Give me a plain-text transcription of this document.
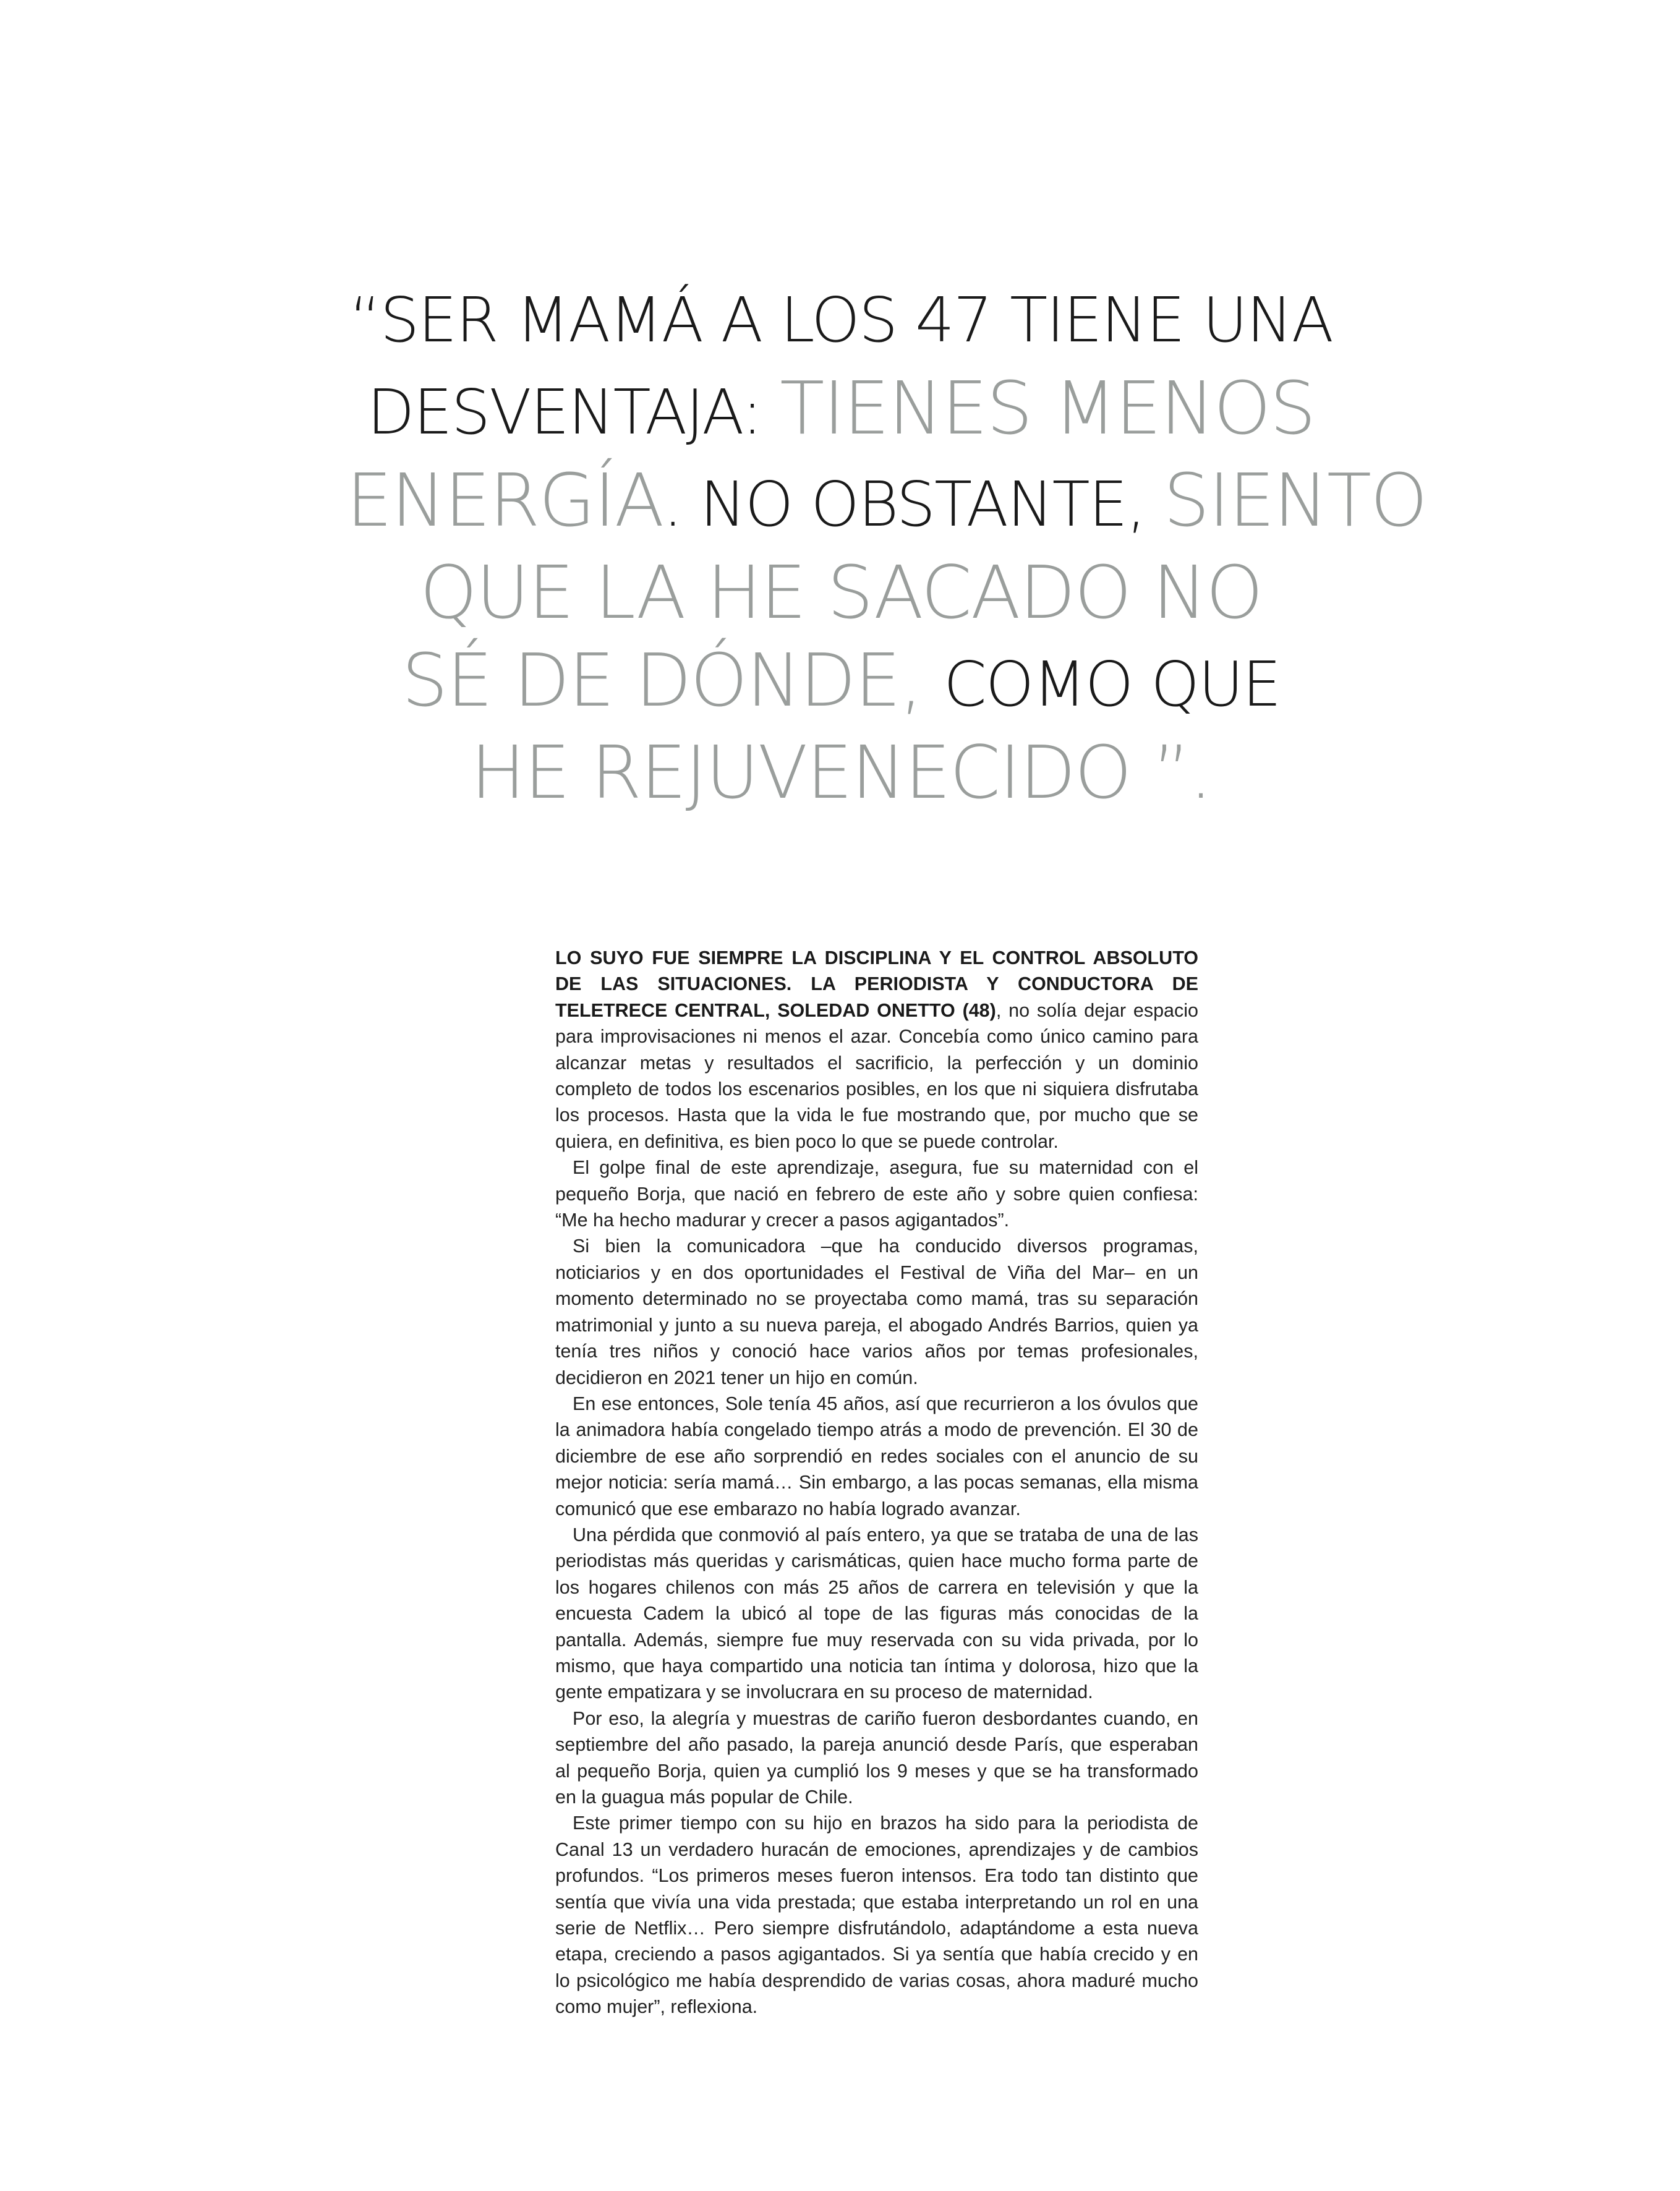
“SER MAMÁ A LOS 47 TIENE UNA
DESVENTAJA: TIENES MENOS
ENERGÍA. NO OBSTANTE, SIENTO
QUE LA HE SACADO NO
SÉ DE DÓNDE, COMO QUE
HE REJUVENECIDO ”.

LO SUYO FUE SIEMPRE LA DISCIPLINA Y EL CONTROL ABSOLUTO DE LAS SITUACIONES. LA PERIODISTA Y CONDUCTORA DE TELETRECE CENTRAL, SOLEDAD ONETTO (48), no solía dejar espacio para improvisaciones ni menos el azar. Concebía como único camino para alcanzar metas y resultados el sacrificio, la perfección y un dominio completo de todos los escenarios posibles, en los que ni siquiera disfrutaba los procesos. Hasta que la vida le fue mostrando que, por mucho que se quiera, en definitiva, es bien poco lo que se puede controlar.

El golpe final de este aprendizaje, asegura, fue su maternidad con el pequeño Borja, que nació en febrero de este año y sobre quien confiesa: “Me ha hecho madurar y crecer a pasos agigantados”.

Si bien la comunicadora –que ha conducido diversos programas, noticiarios y en dos oportunidades el Festival de Viña del Mar– en un momento determinado no se proyectaba como mamá, tras su separación matrimonial y junto a su nueva pareja, el abogado Andrés Barrios, quien ya tenía tres niños y conoció hace varios años por temas profesionales, decidieron en 2021 tener un hijo en común.

En ese entonces, Sole tenía 45 años, así que recurrieron a los óvulos que la animadora había congelado tiempo atrás a modo de prevención. El 30 de diciembre de ese año sorprendió en redes sociales con el anuncio de su mejor noticia: sería mamá… Sin embargo, a las pocas semanas, ella misma comunicó que ese embarazo no había logrado avanzar.

Una pérdida que conmovió al país entero, ya que se trataba de una de las periodistas más queridas y carismáticas, quien hace mucho forma parte de los hogares chilenos con más 25 años de carrera en televisión y que la encuesta Cadem la ubicó al tope de las figuras más conocidas de la pantalla. Además, siempre fue muy reservada con su vida privada, por lo mismo, que haya compartido una noticia tan íntima y dolorosa, hizo que la gente empatizara y se involucrara en su proceso de maternidad.

Por eso, la alegría y muestras de cariño fueron desbordantes cuando, en septiembre del año pasado, la pareja anunció desde París, que esperaban al pequeño Borja, quien ya cumplió los 9 meses y que se ha transformado en la guagua más popular de Chile.

Este primer tiempo con su hijo en brazos ha sido para la periodista de Canal 13 un verdadero huracán de emociones, aprendizajes y de cambios profundos. “Los primeros meses fueron intensos. Era todo tan distinto que sentía que vivía una vida prestada; que estaba interpretando un rol en una serie de Netflix… Pero siempre disfrutándolo, adaptándome a esta nueva etapa, creciendo a pasos agigantados. Si ya sentía que había crecido y en lo psicológico me había desprendido de varias cosas, ahora maduré mucho como mujer”, reflexiona.
